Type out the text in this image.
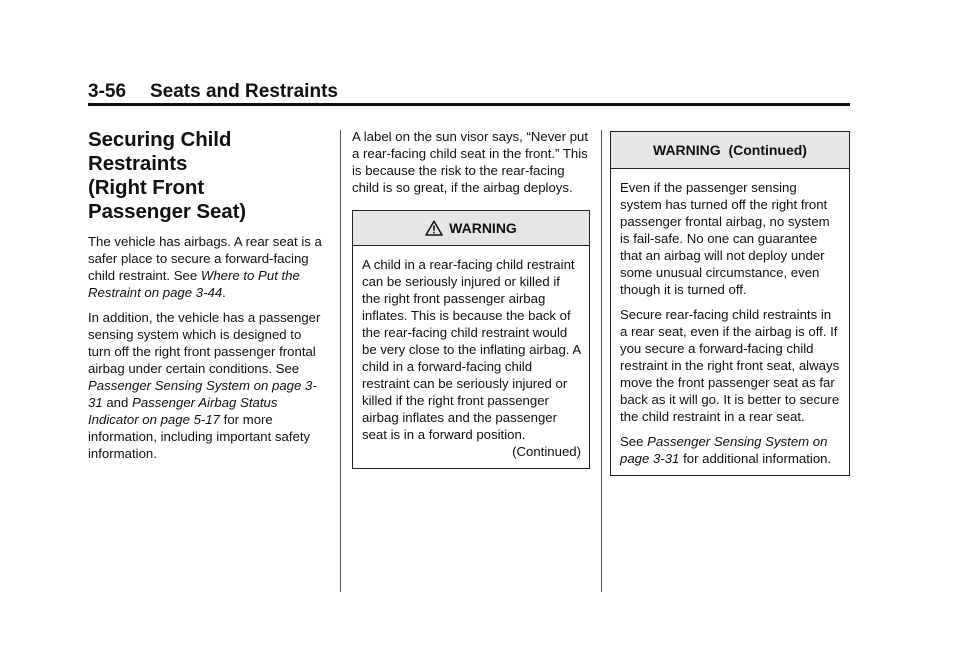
3-56 Seats and Restraints
Securing Child Restraints
(Right Front
Passenger Seat)

The vehicle has airbags. A rear seat is a safer place to secure a forward-facing child restraint. See Where to Put the Restraint on page 3-44.

In addition, the vehicle has a passenger sensing system which is designed to turn off the right front passenger frontal airbag under certain conditions. See Passenger Sensing System on page 3-31 and Passenger Airbag Status Indicator on page 5-17 for more information, including important safety information.

A label on the sun visor says, “Never put a rear-facing child seat in the front.” This is because the risk to the rear-facing child is so great, if the airbag deploys.

WARNING

A child in a rear-facing child restraint can be seriously injured or killed if the right front passenger airbag inflates. This is because the back of the rear-facing child restraint would be very close to the inflating airbag. A child in a forward-facing child restraint can be seriously injured or killed if the right front passenger airbag inflates and the passenger seat is in a forward position.

(Continued)
WARNING  (Continued)

Even if the passenger sensing system has turned off the right front passenger frontal airbag, no system is fail-safe. No one can guarantee that an airbag will not deploy under some unusual circumstance, even though it is turned off.

Secure rear-facing child restraints in a rear seat, even if the airbag is off. If you secure a forward-facing child restraint in the right front seat, always move the front passenger seat as far back as it will go. It is better to secure the child restraint in a rear seat.

See Passenger Sensing System on page 3-31 for additional information.
